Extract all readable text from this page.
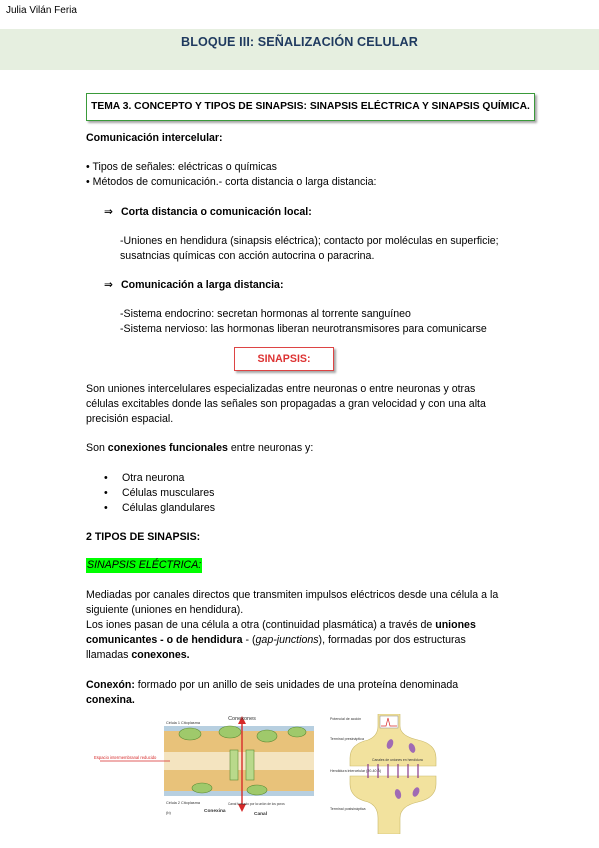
Julia Vilán Feria
BLOQUE III: SEÑALIZACIÓN CELULAR
TEMA 3. CONCEPTO Y TIPOS DE SINAPSIS: SINAPSIS ELÉCTRICA Y SINAPSIS QUÍMICA.
Comunicación intercelular:
• Tipos de señales: eléctricas o químicas
• Métodos de comunicación.- corta distancia o larga distancia:
⇒ Corta distancia o comunicación local:
-Uniones en hendidura (sinapsis eléctrica); contacto por moléculas en superficie;
susatncias químicas con acción autocrina o paracrina.
⇒ Comunicación a larga distancia:
-Sistema endocrino: secretan hormonas al torrente sanguíneo
-Sistema nervioso: las hormonas liberan neurotransmisores para comunicarse
SINAPSIS:
Son uniones intercelulares especializadas entre neuronas o entre neuronas y otras
células excitables donde las señales son propagadas a gran velocidad y con una alta
precisión espacial.
Son conexiones funcionales entre neuronas y:
• Otra neurona
• Células musculares
• Células glandulares
2 TIPOS DE SINAPSIS:
SINAPSIS ELÉCTRICA:
Mediadas por canales directos que transmiten impulsos eléctricos desde una célula a la
siguiente (uniones en hendidura).
Los iones pasan de una célula a otra (continuidad plasmática) a través de uniones
comunicantes - o de hendidura - (gap-junctions), formadas por dos estructuras
llamadas conexones.
Conexón: formado por un anillo de seis unidades de una proteína denominada
conexina.
Conexones
Espacio intermembranal reducido
Célula 1 Citoplasma
Célula 2 Citoplasma
Conexina
Canal
Canal formado por la unión de los poros
(b)
Potencial de acción
Terminal presináptica
Canales de uniones en hendidura
Hendidura intercelular (20-40 Å)
Terminal postsináptica
